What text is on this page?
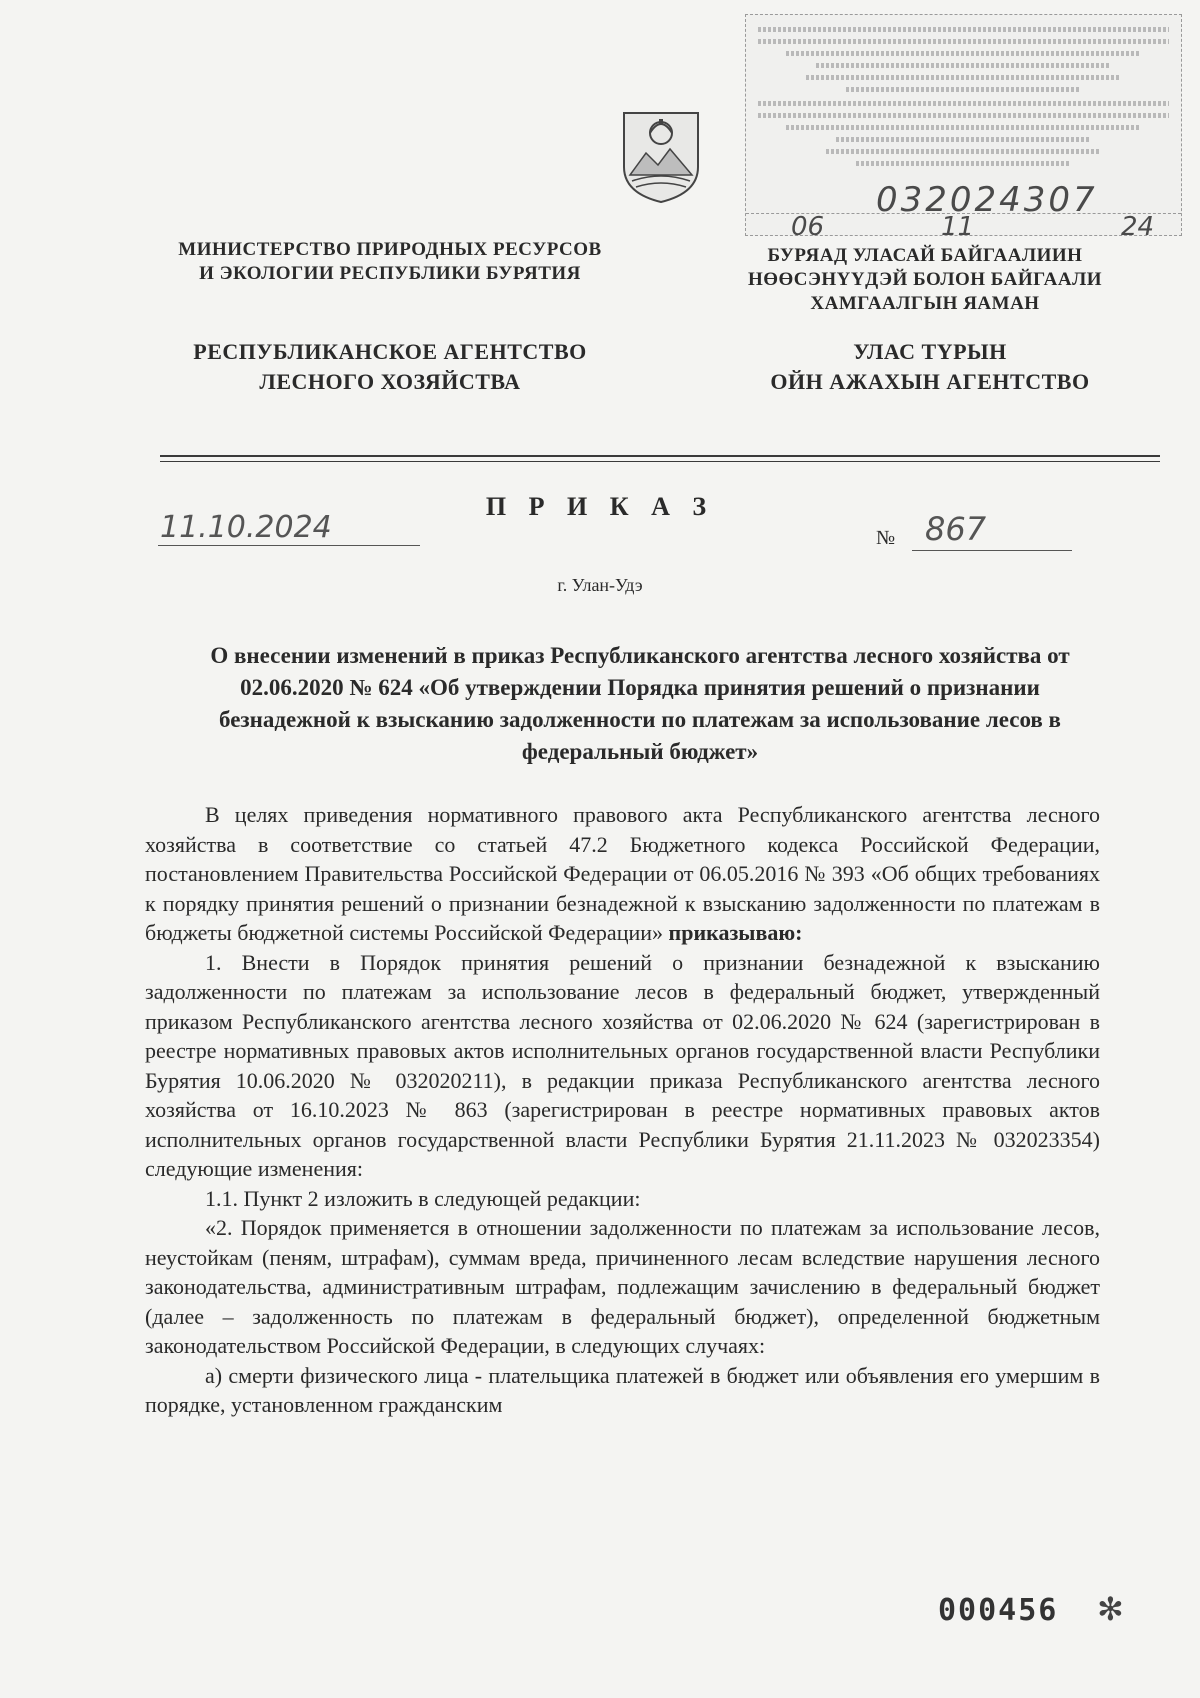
032024307
06	11	24
МИНИСТЕРСТВО ПРИРОДНЫХ РЕСУРСОВ
И ЭКОЛОГИИ РЕСПУБЛИКИ БУРЯТИЯ
БУРЯАД УЛАСАЙ БАЙГААЛИИН
НӨӨСЭНҮҮДЭЙ БОЛОН БАЙГААЛИ
ХАМГААЛГЫН ЯАМАН
РЕСПУБЛИКАНСКОЕ АГЕНТСТВО
ЛЕСНОГО ХОЗЯЙСТВА
УЛАС ТҮРЫН
ОЙН АЖАХЫН АГЕНТСТВО
П Р И К А З
11.10.2024	№ 867
г. Улан-Удэ
О внесении изменений в приказ Республиканского агентства лесного хозяйства от 02.06.2020 № 624 «Об утверждении Порядка принятия решений о признании безнадежной к взысканию задолженности по платежам за использование лесов в федеральный бюджет»

В целях приведения нормативного правового акта Республиканского агентства лесного хозяйства в соответствие со статьей 47.2 Бюджетного кодекса Российской Федерации, постановлением Правительства Российской Федерации от 06.05.2016 № 393 «Об общих требованиях к порядку принятия решений о признании безнадежной к взысканию задолженности по платежам в бюджеты бюджетной системы Российской Федерации» приказываю:

1. Внести в Порядок принятия решений о признании безнадежной к взысканию задолженности по платежам за использование лесов в федеральный бюджет, утвержденный приказом Республиканского агентства лесного хозяйства от 02.06.2020 № 624 (зарегистрирован в реестре нормативных правовых актов исполнительных органов государственной власти Республики Бурятия 10.06.2020 № 032020211), в редакции приказа Республиканского агентства лесного хозяйства от 16.10.2023 № 863 (зарегистрирован в реестре нормативных правовых актов исполнительных органов государственной власти Республики Бурятия 21.11.2023 № 032023354) следующие изменения:

1.1. Пункт 2 изложить в следующей редакции:

«2. Порядок применяется в отношении задолженности по платежам за использование лесов, неустойкам (пеням, штрафам), суммам вреда, причиненного лесам вследствие нарушения лесного законодательства, административным штрафам, подлежащим зачислению в федеральный бюджет (далее – задолженность по платежам в федеральный бюджет), определенной бюджетным законодательством Российской Федерации, в следующих случаях:

а) смерти физического лица - плательщика платежей в бюджет или объявления его умершим в порядке, установленном гражданским

000456 ✻
